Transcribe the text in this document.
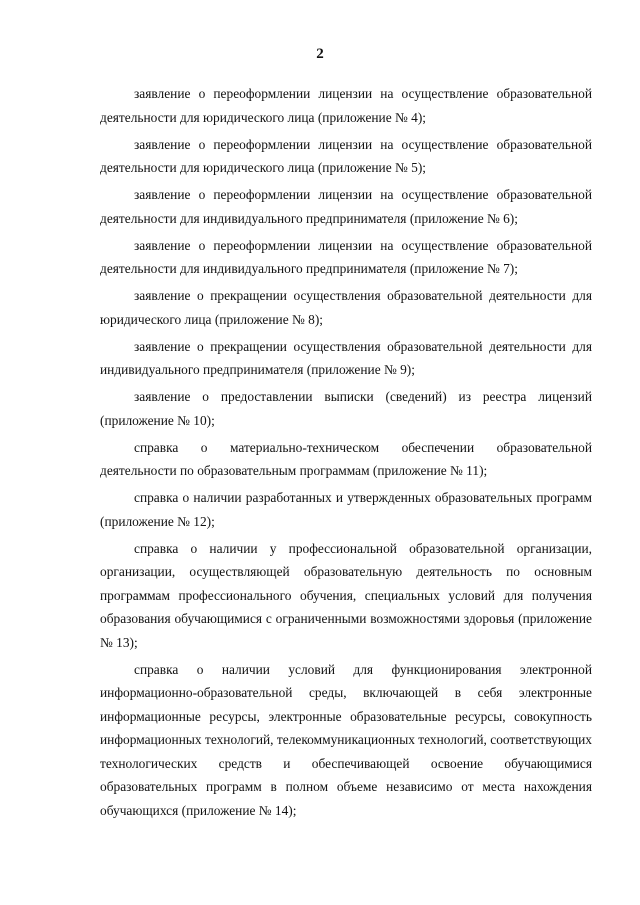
2

заявление о переоформлении лицензии на осуществление образовательной деятельности для юридического лица (приложение № 4);

заявление о переоформлении лицензии на осуществление образовательной деятельности для юридического лица (приложение № 5);

заявление о переоформлении лицензии на осуществление образовательной деятельности для индивидуального предпринимателя (приложение № 6);

заявление о переоформлении лицензии на осуществление образовательной деятельности для индивидуального предпринимателя (приложение № 7);

заявление о прекращении осуществления образовательной деятельности для юридического лица (приложение № 8);

заявление о прекращении осуществления образовательной деятельности для индивидуального предпринимателя (приложение № 9);

заявление о предоставлении выписки (сведений) из реестра лицензий (приложение № 10);

справка о материально-техническом обеспечении образовательной деятельности по образовательным программам (приложение № 11);

справка о наличии разработанных и утвержденных образовательных программ (приложение № 12);

справка о наличии у профессиональной образовательной организации, организации, осуществляющей образовательную деятельность по основным программам профессионального обучения, специальных условий для получения образования обучающимися с ограниченными возможностями здоровья (приложение № 13);

справка о наличии условий для функционирования электронной информационно-образовательной среды, включающей в себя электронные информационные ресурсы, электронные образовательные ресурсы, совокупность информационных технологий, телекоммуникационных технологий, соответствующих технологических средств и обеспечивающей освоение обучающимися образовательных программ в полном объеме независимо от места нахождения обучающихся (приложение № 14);
